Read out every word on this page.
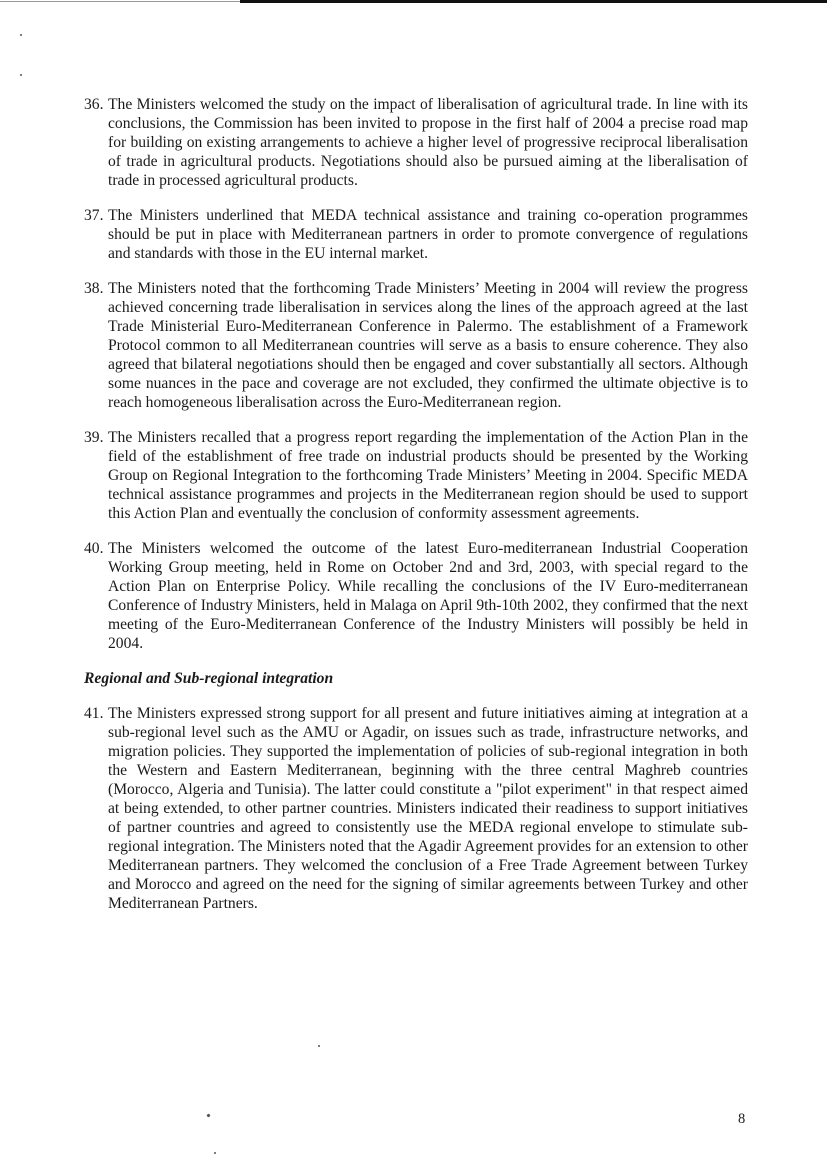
36. The Ministers welcomed the study on the impact of liberalisation of agricultural trade. In line with its conclusions, the Commission has been invited to propose in the first half of 2004 a precise road map for building on existing arrangements to achieve a higher level of progressive reciprocal liberalisation of trade in agricultural products. Negotiations should also be pursued aiming at the liberalisation of trade in processed agricultural products.
37. The Ministers underlined that MEDA technical assistance and training co-operation programmes should be put in place with Mediterranean partners in order to promote convergence of regulations and standards with those in the EU internal market.
38. The Ministers noted that the forthcoming Trade Ministers’ Meeting in 2004 will review the progress achieved concerning trade liberalisation in services along the lines of the approach agreed at the last Trade Ministerial Euro-Mediterranean Conference in Palermo. The establishment of a Framework Protocol common to all Mediterranean countries will serve as a basis to ensure coherence. They also agreed that bilateral negotiations should then be engaged and cover substantially all sectors. Although some nuances in the pace and coverage are not excluded, they confirmed the ultimate objective is to reach homogeneous liberalisation across the Euro-Mediterranean region.
39. The Ministers recalled that a progress report regarding the implementation of the Action Plan in the field of the establishment of free trade on industrial products should be presented by the Working Group on Regional Integration to the forthcoming Trade Ministers’ Meeting in 2004. Specific MEDA technical assistance programmes and projects in the Mediterranean region should be used to support this Action Plan and eventually the conclusion of conformity assessment agreements.
40. The Ministers welcomed the outcome of the latest Euro-mediterranean Industrial Cooperation Working Group meeting, held in Rome on October 2nd and 3rd, 2003, with special regard to the Action Plan on Enterprise Policy. While recalling the conclusions of the IV Euro-mediterranean Conference of Industry Ministers, held in Malaga on April 9th-10th 2002, they confirmed that the next meeting of the Euro-Mediterranean Conference of the Industry Ministers will possibly be held in 2004.
Regional and Sub-regional integration
41. The Ministers expressed strong support for all present and future initiatives aiming at integration at a sub-regional level such as the AMU or Agadir, on issues such as trade, infrastructure networks, and migration policies. They supported the implementation of policies of sub-regional integration in both the Western and Eastern Mediterranean, beginning with the three central Maghreb countries (Morocco, Algeria and Tunisia). The latter could constitute a "pilot experiment" in that respect aimed at being extended, to other partner countries. Ministers indicated their readiness to support initiatives of partner countries and agreed to consistently use the MEDA regional envelope to stimulate sub-regional integration. The Ministers noted that the Agadir Agreement provides for an extension to other Mediterranean partners. They welcomed the conclusion of a Free Trade Agreement between Turkey and Morocco and agreed on the need for the signing of similar agreements between Turkey and other Mediterranean Partners.
8
